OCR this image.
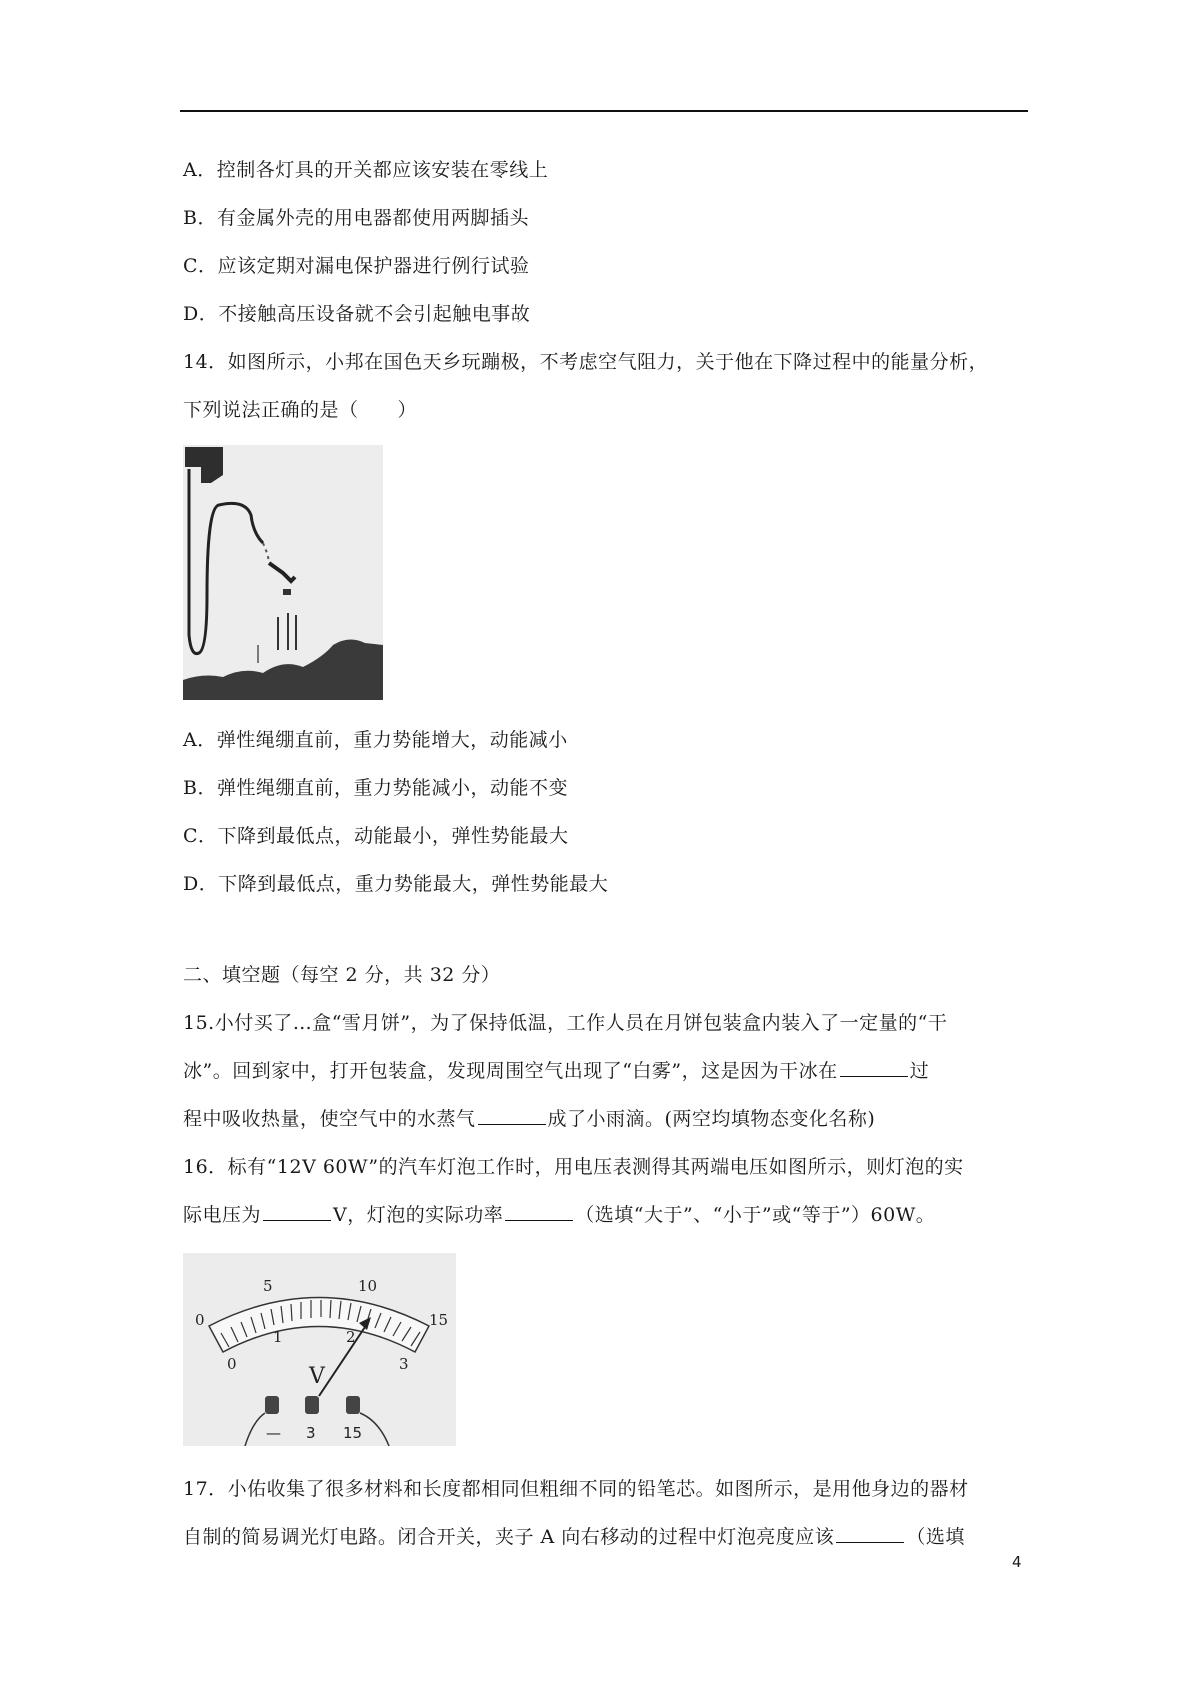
A．控制各灯具的开关都应该安装在零线上
B．有金属外壳的用电器都使用两脚插头
C．应该定期对漏电保护器进行例行试验
D．不接触高压设备就不会引起触电事故
14．如图所示，小邦在国色天乡玩蹦极，不考虑空气阻力，关于他在下降过程中的能量分析，
下列说法正确的是（　　）
A．弹性绳绷直前，重力势能增大，动能减小
B．弹性绳绷直前，重力势能减小，动能不变
C．下降到最低点，动能最小，弹性势能最大
D．下降到最低点，重力势能最大，弹性势能最大
二、填空题（每空 2 分，共 32 分）
15.小付买了…盒“雪月饼”，为了保持低温，工作人员在月饼包装盒内装入了一定量的“干
冰”。回到家中，打开包装盒，发现周围空气出现了“白雾”，这是因为干冰在	过
程中吸收热量，使空气中的水蒸气	成了小雨滴。(两空均填物态变化名称)
16．标有“12V 60W”的汽车灯泡工作时，用电压表测得其两端电压如图所示，则灯泡的实
际电压为	V，灯泡的实际功率	（选填“大于”、“小于”或“等于”）60W。
0
5	10
15
0
1	2
3
V
— 3 15
17．小佑收集了很多材料和长度都相同但粗细不同的铅笔芯。如图所示，是用他身边的器材
自制的简易调光灯电路。闭合开关，夹子 A 向右移动的过程中灯泡亮度应该	（选填
4
